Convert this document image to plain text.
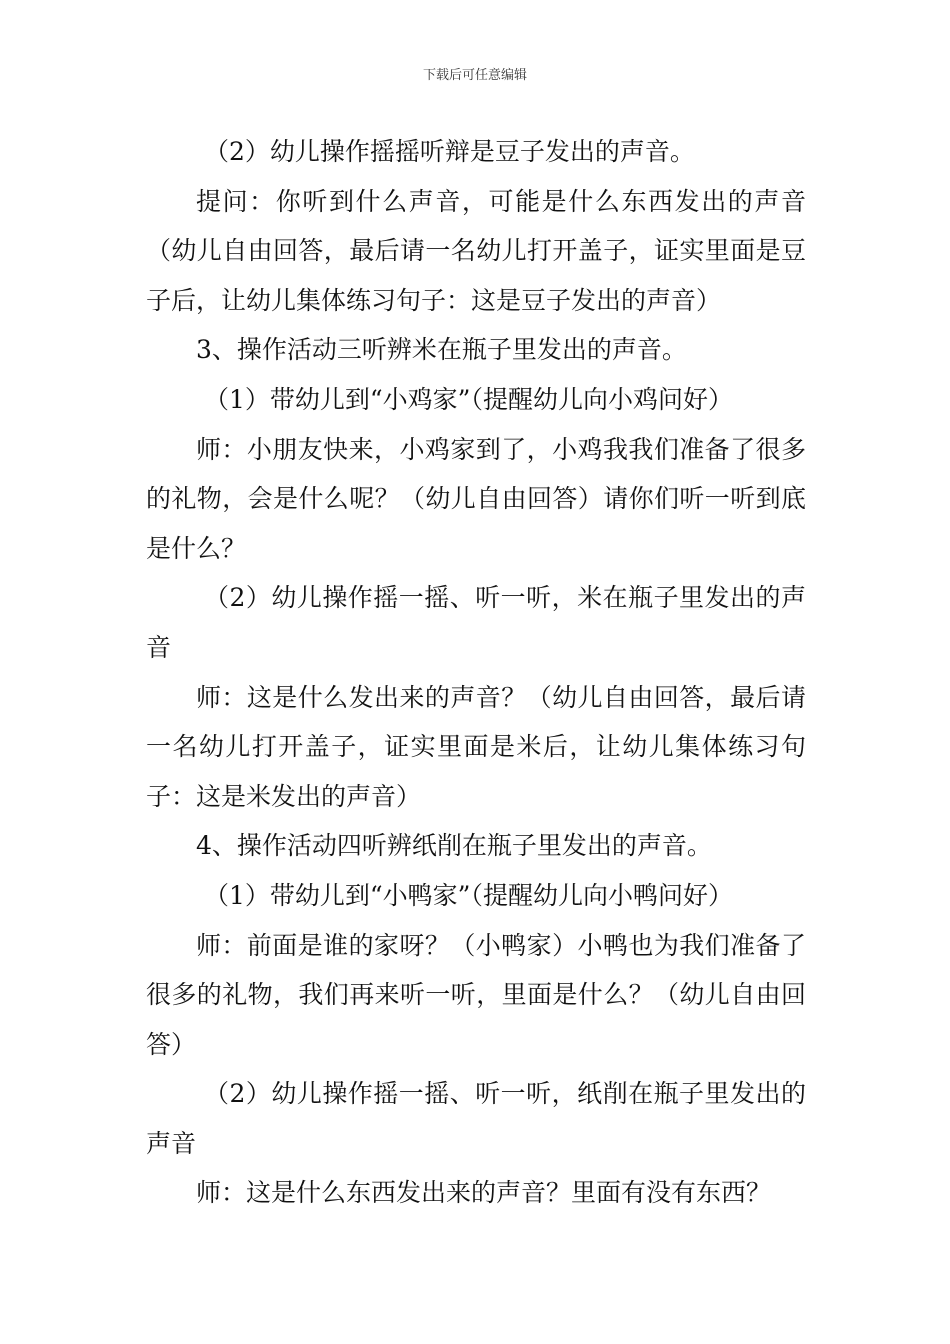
下载后可任意编辑

（2）幼儿操作摇摇听辩是豆子发出的声音。

提问：你听到什么声音，可能是什么东西发出的声音（幼儿自由回答，最后请一名幼儿打开盖子，证实里面是豆子后，让幼儿集体练习句子：这是豆子发出的声音）

3、操作活动三听辨米在瓶子里发出的声音。

（1）带幼儿到“小鸡家”（提醒幼儿向小鸡问好）

师：小朋友快来，小鸡家到了，小鸡我我们准备了很多的礼物，会是什么呢？（幼儿自由回答）请你们听一听到底是什么？

（2）幼儿操作摇一摇、听一听，米在瓶子里发出的声音

师：这是什么发出来的声音？（幼儿自由回答，最后请一名幼儿打开盖子，证实里面是米后，让幼儿集体练习句子：这是米发出的声音）

4、操作活动四听辨纸削在瓶子里发出的声音。

（1）带幼儿到“小鸭家”（提醒幼儿向小鸭问好）

师：前面是谁的家呀？（小鸭家）小鸭也为我们准备了很多的礼物，我们再来听一听，里面是什么？（幼儿自由回答）

（2）幼儿操作摇一摇、听一听，纸削在瓶子里发出的声音

师：这是什么东西发出来的声音？里面有没有东西？
